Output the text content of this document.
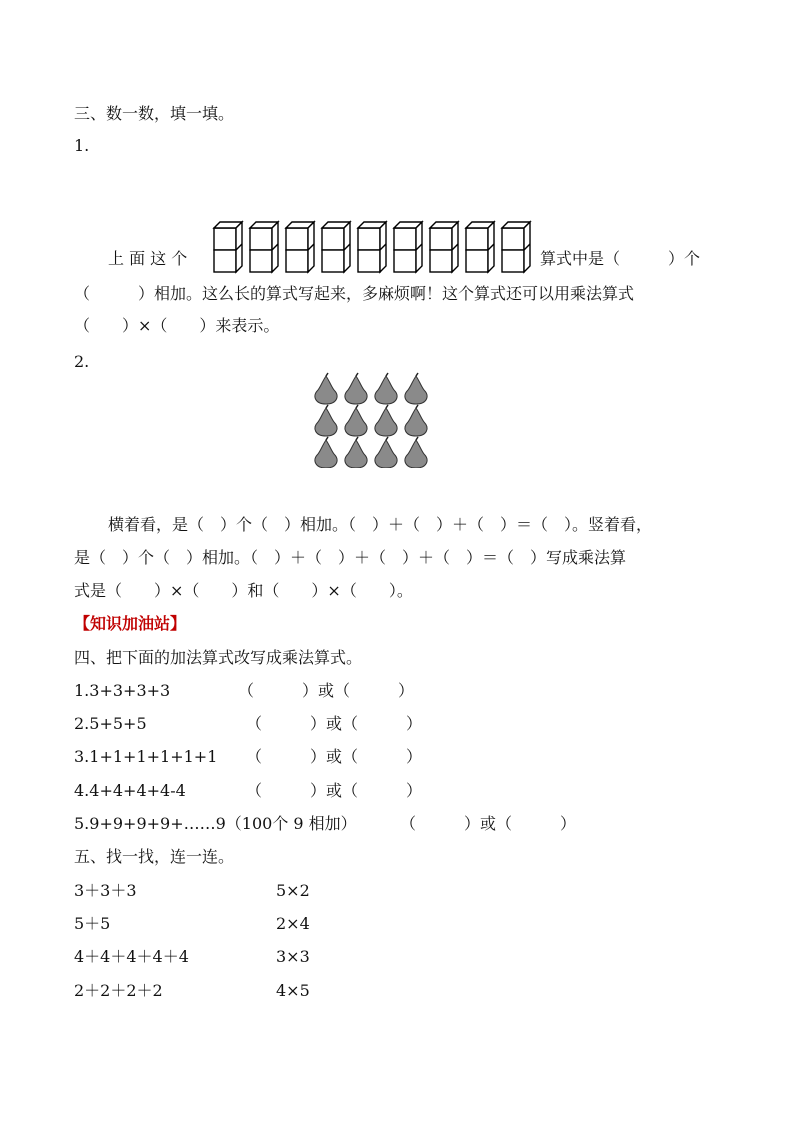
三、数一数，填一填。
1.
上 面 这 个	算式中是（　　　）个
（　　　）相加。这么长的算式写起来，多麻烦啊！这个算式还可以用乘法算式
（　　）×（　　）来表示。
2.
横着看，是（　）个（　）相加。（　）＋（　）＋（　）＝（　）。竖着看，
是（　）个（　）相加。（　）＋（　）＋（　）＋（　）＝（　）写成乘法算
式是（　　）×（　　）和（　　）×（　　）。
【知识加油站】
四、把下面的加法算式改写成乘法算式。
1.3+3+3+3	（　　　）或（　　　）
2.5+5+5	（　　　）或（　　　）
3.1+1+1+1+1+1 （　　　）或（　　　）
4.4+4+4+4-4	（　　　）或（　　　）
5.9+9+9+9+……9（100个 9 相加）	（　　　）或（　　　）
五、找一找，连一连。
3＋3＋3	5×2
5＋5	2×4
4＋4＋4＋4＋4	3×3
2＋2＋2＋2	4×5
